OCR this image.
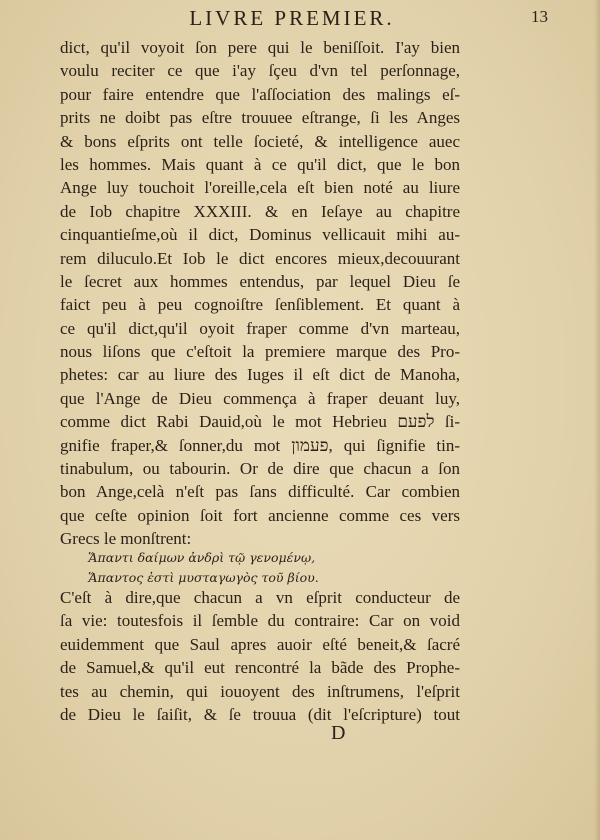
LIVRE PREMIER.	13
dict, qu'il voyoit ſon pere qui le beniſſoit. I'ay bien
voulu reciter ce que i'ay ſçeu d'vn tel perſonnage,
pour faire entendre que l'aſſociation des malings eſ-
prits ne doibt pas eſtre trouuee eſtrange, ſi les Anges
& bons eſprits ont telle ſocieté, & intelligence auec
les hommes. Mais quant à ce qu'il dict, que le bon
Ange luy touchoit l'oreille,cela eſt bien noté au liure
de Iob chapitre XXXIII. & en Ieſaye au chapitre
cinquantieſme,où il dict, Dominus vellicauit mihi au-
rem diluculo.Et Iob le dict encores mieux,decouurant
le ſecret aux hommes entendus, par lequel Dieu ſe
faict peu à peu cognoiſtre ſenſiblement. Et quant à
ce qu'il dict,qu'il oyoit fraper comme d'vn marteau,
nous liſons que c'eſtoit la premiere marque des Pro-
phetes: car au liure des Iuges il eſt dict de Manoha,
que l'Ange de Dieu commença à fraper deuant luy,
comme dict Rabi Dauid,où le mot Hebrieu לפעם ſi-
gnifie fraper,& ſonner,du mot פעמון, qui ſignifie tin-
tinabulum, ou tabourin. Or de dire que chacun a ſon
bon Ange,celà n'eſt pas ſans difficulté. Car combien
que ceſte opinion ſoit fort ancienne comme ces vers
Grecs le monſtrent:
Ἅπαντι δαίμων ἀνδρὶ τῷ γενομένῳ,
Ἅπαντος ἐστὶ μυσταγωγὸς τοῦ βίου.
C'eſt à dire,que chacun a vn eſprit conducteur de
ſa vie: toutesfois il ſemble du contraire: Car on void
euidemment que Saul apres auoir eſté beneit,& ſacré
de Samuel,& qu'il eut rencontré la bãde des Prophe-
tes au chemin, qui iouoyent des inſtrumens, l'eſprit
de Dieu le ſaiſit, & ſe trouua (dit l'eſcripture) tout
D
